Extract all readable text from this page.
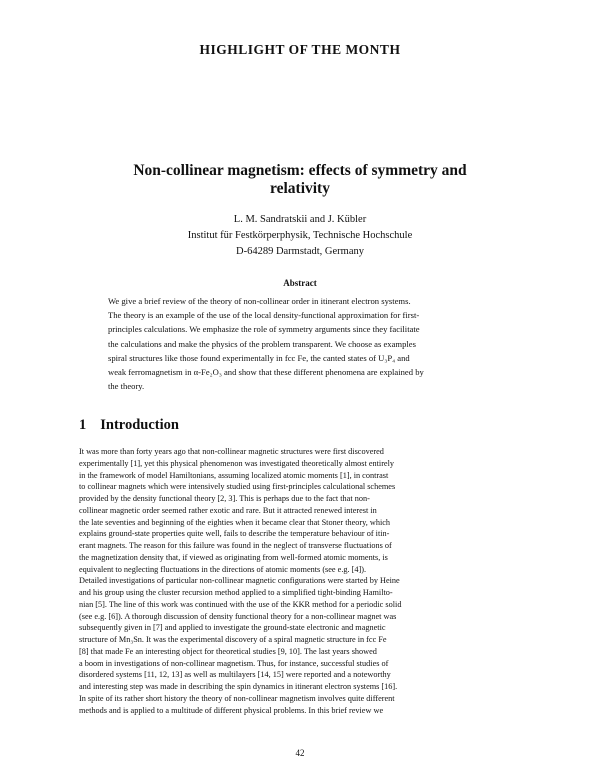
HIGHLIGHT OF THE MONTH
Non-collinear magnetism: effects of symmetry and
relativity
L. M. Sandratskii and J. Kübler
Institut für Festkörperphysik, Technische Hochschule
D-64289 Darmstadt, Germany
Abstract
We give a brief review of the theory of non-collinear order in itinerant electron systems.
The theory is an example of the use of the local density-functional approximation for first-
principles calculations. We emphasize the role of symmetry arguments since they facilitate
the calculations and make the physics of the problem transparent. We choose as examples
spiral structures like those found experimentally in fcc Fe, the canted states of U₃P₄ and
weak ferromagnetism in α-Fe₂O₃ and show that these different phenomena are explained by
the theory.
1 Introduction
It was more than forty years ago that non-collinear magnetic structures were first discovered
experimentally [1], yet this physical phenomenon was investigated theoretically almost entirely
in the framework of model Hamiltonians, assuming localized atomic moments [1], in contrast
to collinear magnets which were intensively studied using first-principles calculational schemes
provided by the density functional theory [2, 3]. This is perhaps due to the fact that non-
collinear magnetic order seemed rather exotic and rare. But it attracted renewed interest in
the late seventies and beginning of the eighties when it became clear that Stoner theory, which
explains ground-state properties quite well, fails to describe the temperature behaviour of itin-
erant magnets. The reason for this failure was found in the neglect of transverse fluctuations of
the magnetization density that, if viewed as originating from well-formed atomic moments, is
equivalent to neglecting fluctuations in the directions of atomic moments (see e.g. [4]).
Detailed investigations of particular non-collinear magnetic configurations were started by Heine
and his group using the cluster recursion method applied to a simplified tight-binding Hamilto-
nian [5]. The line of this work was continued with the use of the KKR method for a periodic solid
(see e.g. [6]). A thorough discussion of density functional theory for a non-collinear magnet was
subsequently given in [7] and applied to investigate the ground-state electronic and magnetic
structure of Mn₃Sn. It was the experimental discovery of a spiral magnetic structure in fcc Fe
[8] that made Fe an interesting object for theoretical studies [9, 10]. The last years showed
a boom in investigations of non-collinear magnetism. Thus, for instance, successful studies of
disordered systems [11, 12, 13] as well as multilayers [14, 15] were reported and a noteworthy
and interesting step was made in describing the spin dynamics in itinerant electron systems [16].
In spite of its rather short history the theory of non-collinear magnetism involves quite different
methods and is applied to a multitude of different physical problems. In this brief review we
42
